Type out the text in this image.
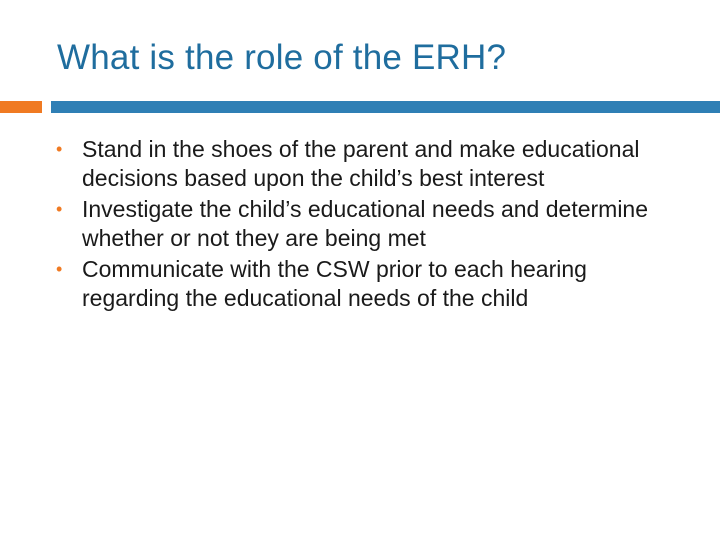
What is the role of the ERH?
• Stand in the shoes of the parent and make educational decisions based upon the child’s best interest
• Investigate the child’s educational needs and determine whether or not they are being met
• Communicate with the CSW prior to each hearing regarding the educational needs of the child
